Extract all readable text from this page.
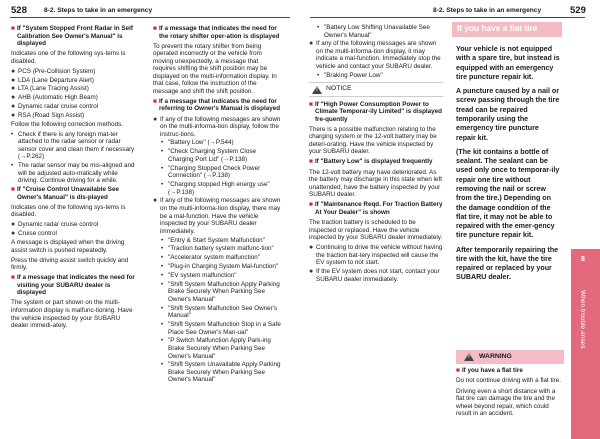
528	8-2. Steps to take in an emergency	8-2. Steps to take in an emergency	529
■ If "System Stopped Front Radar In Self Calibration See Owner's Manual" is displayed

Indicates one of the following sys-tems is disabled.

● PCS (Pre-Collision System)
● LDA (Lane Departure Alert)
● LTA (Lane Tracing Assist)
● AHB (Automatic High Beam)
● Dynamic radar cruise control
● RSA (Road Sign Assist)

Follow the following correction methods.

• Check if there is any foreign mat-ter attached to the radar sensor or radar sensor cover and clean them if necessary (→P.262)
• The radar sensor may be mis-aligned and will be adjusted auto-matically while driving. Continue driving for a while.
■ If "Cruise Control Unavailable See Owner's Manual" is dis-played

Indicates one of the following sys-tems is disabled.

● Dynamic radar cruise control
● Cruise control

A message is displayed when the driving assist switch is pushed repeatedly.

Press the driving assist switch quickly and firmly.

■ If a message that indicates the need for visiting your SUBARU dealer is displayed

The system or part shown on the multi-information display is malfunc-tioning. Have the vehicle inspected by your SUBARU dealer immedi-ately.

■ If a message that indicates the need for the rotary shifter oper-ation is displayed

To prevent the rotary shifter from being operated incorrectly or the vehicle from moving unexpectedly, a message that requires shifting the shift position may be displayed on the multi-information display. In that case, follow the instruction of the message and shift the shift position.

■ If a message that indicates the need for referring to Owner's Manual is displayed
● If any of the following messages are shown on the multi-informa-tion display, follow the instruc-tions.
• "Battery Low" (→P.544)
• "Check Charging System Close Charging Port Lid" (→P.138)
• "Charging Stopped Check Power Connection" (→P.138)
• "Charging stopped High energy use" (→P.138)
● If any of the following messages are shown on the multi-informa-tion display, there may be a mal-function. Have the vehicle inspected by your SUBARU dealer immediately.
• "Entry & Start System Malfunction"
• "Traction battery system malfunc-tion"
• "Accelerator system malfunction"
• "Plug-in Charging System Mal-function"
• "EV system malfunction"
• "Shift System Malfunction Apply Parking Brake Securely When Parking See Owner's Manual"
• "Shift System Malfunction See Owner's Manual"
• "Shift System Malfunction Stop in a Safe Place See Owner's Man-ual"
• "P Switch Malfunction Apply Park-ing Brake Securely When Parking See Owner's Manual"
• "Shift System Unavailable Apply Parking Brake Securely When Parking See Owner's Manual"
• "Battery Low Shifting Unavailable See Owner's Manual"
● If any of the following messages are shown on the multi-informa-tion display, it may indicate a mal-function. Immediately stop the vehicle and contact your SUBARU dealer.
• "Braking Power Low"
! NOTICE
■ If "High Power Consumption Power to Climate Temporar-ily Limited" is displayed fre-quently

There is a possible malfunction relating to the charging system or the 12-volt battery may be deteri-orating. Have the vehicle inspected by your SUBARU dealer.

■ If "Battery Low" is displayed frequently

The 12-volt battery may have deteriorated. As the battery may discharge in this state when left unattended, have the battery inspected by your SUBARU dealer.

■ If "Maintenance Reqd. For Traction Battery At Your Dealer" is shown

The traction battery is scheduled to be inspected or replaced. Have the vehicle inspected by your SUBARU dealer immediately.

● Continuing to drive the vehicle without having the traction bat-tery inspected will cause the EV system to not start.
● If the EV system does not start, contact your SUBARU dealer immediately.
If you have a flat tire

Your vehicle is not equipped with a spare tire, but instead is equipped with an emergency tire puncture repair kit.

A puncture caused by a nail or screw passing through the tire tread can be repaired temporarily using the emergency tire puncture repair kit.

(The kit contains a bottle of sealant. The sealant can be used only once to temporar-ily repair one tire without removing the nail or screw from the tire.) Depending on the damage condition of the flat tire, it may not be able to repaired with the emer-gency tire puncture repair kit.

After temporarily repairing the tire with the kit, have the tire repaired or replaced by your SUBARU dealer.

! WARNING
■ If you have a flat tire

Do not continue driving with a flat tire.

Driving even a short distance with a flat tire can damage the tire and the wheel beyond repair, which could result in an accident.

8
When trouble arises
